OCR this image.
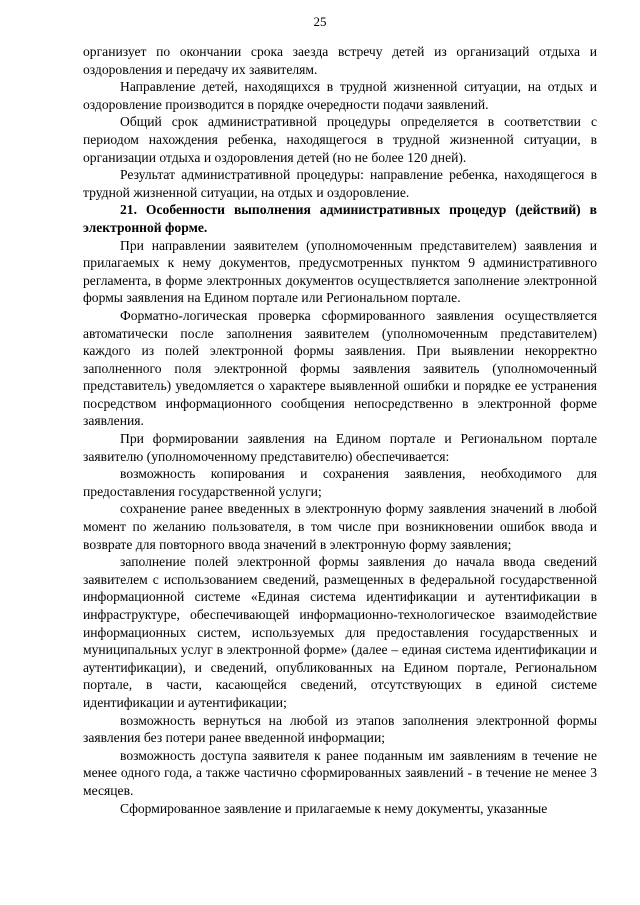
25

организует по окончании срока заезда встречу детей из организаций отдыха и оздоровления и передачу их заявителям.

Направление детей, находящихся в трудной жизненной ситуации, на отдых и оздоровление производится в порядке очередности подачи заявлений.

Общий срок административной процедуры определяется в соответствии с периодом нахождения ребенка, находящегося в трудной жизненной ситуации, в организации отдыха и оздоровления детей (но не более 120 дней).

Результат административной процедуры: направление ребенка, находящегося в трудной жизненной ситуации, на отдых и оздоровление.

21. Особенности выполнения административных процедур (действий) в электронной форме.

При направлении заявителем (уполномоченным представителем) заявления и прилагаемых к нему документов, предусмотренных пунктом 9 административного регламента, в форме электронных документов осуществляется заполнение электронной формы заявления на Едином портале или Региональном портале.

Форматно-логическая проверка сформированного заявления осуществляется автоматически после заполнения заявителем (уполномоченным представителем) каждого из полей электронной формы заявления. При выявлении некорректно заполненного поля электронной формы заявления заявитель (уполномоченный представитель) уведомляется о характере выявленной ошибки и порядке ее устранения посредством информационного сообщения непосредственно в электронной форме заявления.

При формировании заявления на Едином портале и Региональном портале заявителю (уполномоченному представителю) обеспечивается:

возможность копирования и сохранения заявления, необходимого для предоставления государственной услуги;

сохранение ранее введенных в электронную форму заявления значений в любой момент по желанию пользователя, в том числе при возникновении ошибок ввода и возврате для повторного ввода значений в электронную форму заявления;

заполнение полей электронной формы заявления до начала ввода сведений заявителем с использованием сведений, размещенных в федеральной государственной информационной системе «Единая система идентификации и аутентификации в инфраструктуре, обеспечивающей информационно-технологическое взаимодействие информационных систем, используемых для предоставления государственных и муниципальных услуг в электронной форме» (далее – единая система идентификации и аутентификации), и сведений, опубликованных на Едином портале, Региональном портале, в части, касающейся сведений, отсутствующих в единой системе идентификации и аутентификации;

возможность вернуться на любой из этапов заполнения электронной формы заявления без потери ранее введенной информации;

возможность доступа заявителя к ранее поданным им заявлениям в течение не менее одного года, а также частично сформированных заявлений - в течение не менее 3 месяцев.

Сформированное заявление и прилагаемые к нему документы, указанные
